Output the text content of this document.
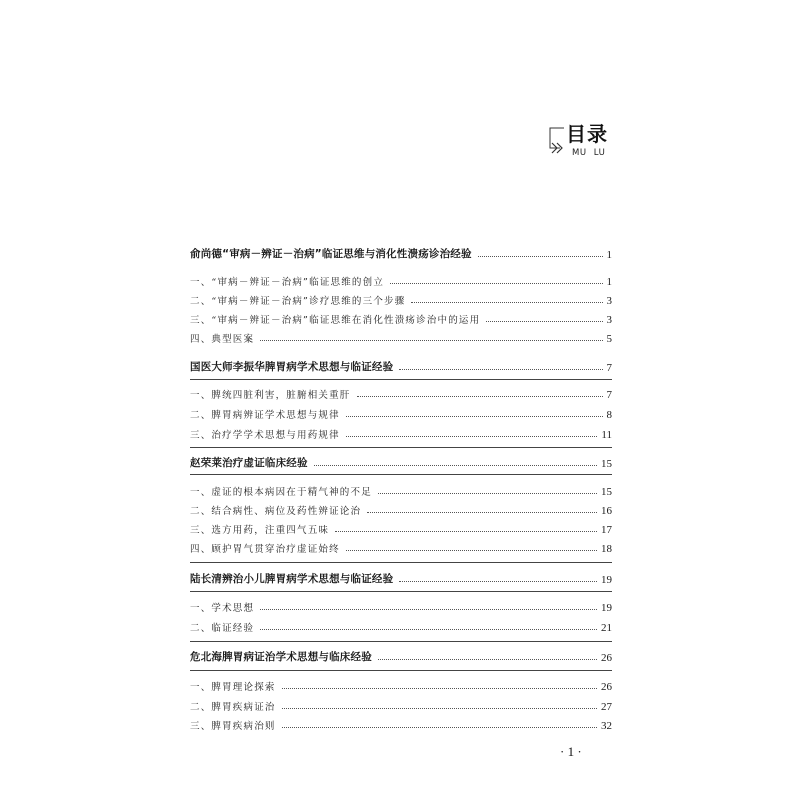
目录
MU LU
俞尚德“审病－辨证－治病”临证思维与消化性溃疡诊治经验	1
一、“审病－辨证－治病”临证思维的创立	1
二、“审病－辨证－治病”诊疗思维的三个步骤	3
三、“审病－辨证－治病”临证思维在消化性溃疡诊治中的运用	3
四、典型医案	5
国医大师李振华脾胃病学术思想与临证经验	7
一、脾统四脏利害，脏腑相关重肝	7
二、脾胃病辨证学术思想与规律	8
三、治疗学学术思想与用药规律	11
赵荣莱治疗虚证临床经验	15
一、虚证的根本病因在于精气神的不足	15
二、结合病性、病位及药性辨证论治	16
三、选方用药，注重四气五味	17
四、顾护胃气贯穿治疗虚证始终	18
陆长清辨治小儿脾胃病学术思想与临证经验	19
一、学术思想	19
二、临证经验	21
危北海脾胃病证治学术思想与临床经验	26
一、脾胃理论探索	26
二、脾胃疾病证治	27
三、脾胃疾病治则	32
· 1 ·
